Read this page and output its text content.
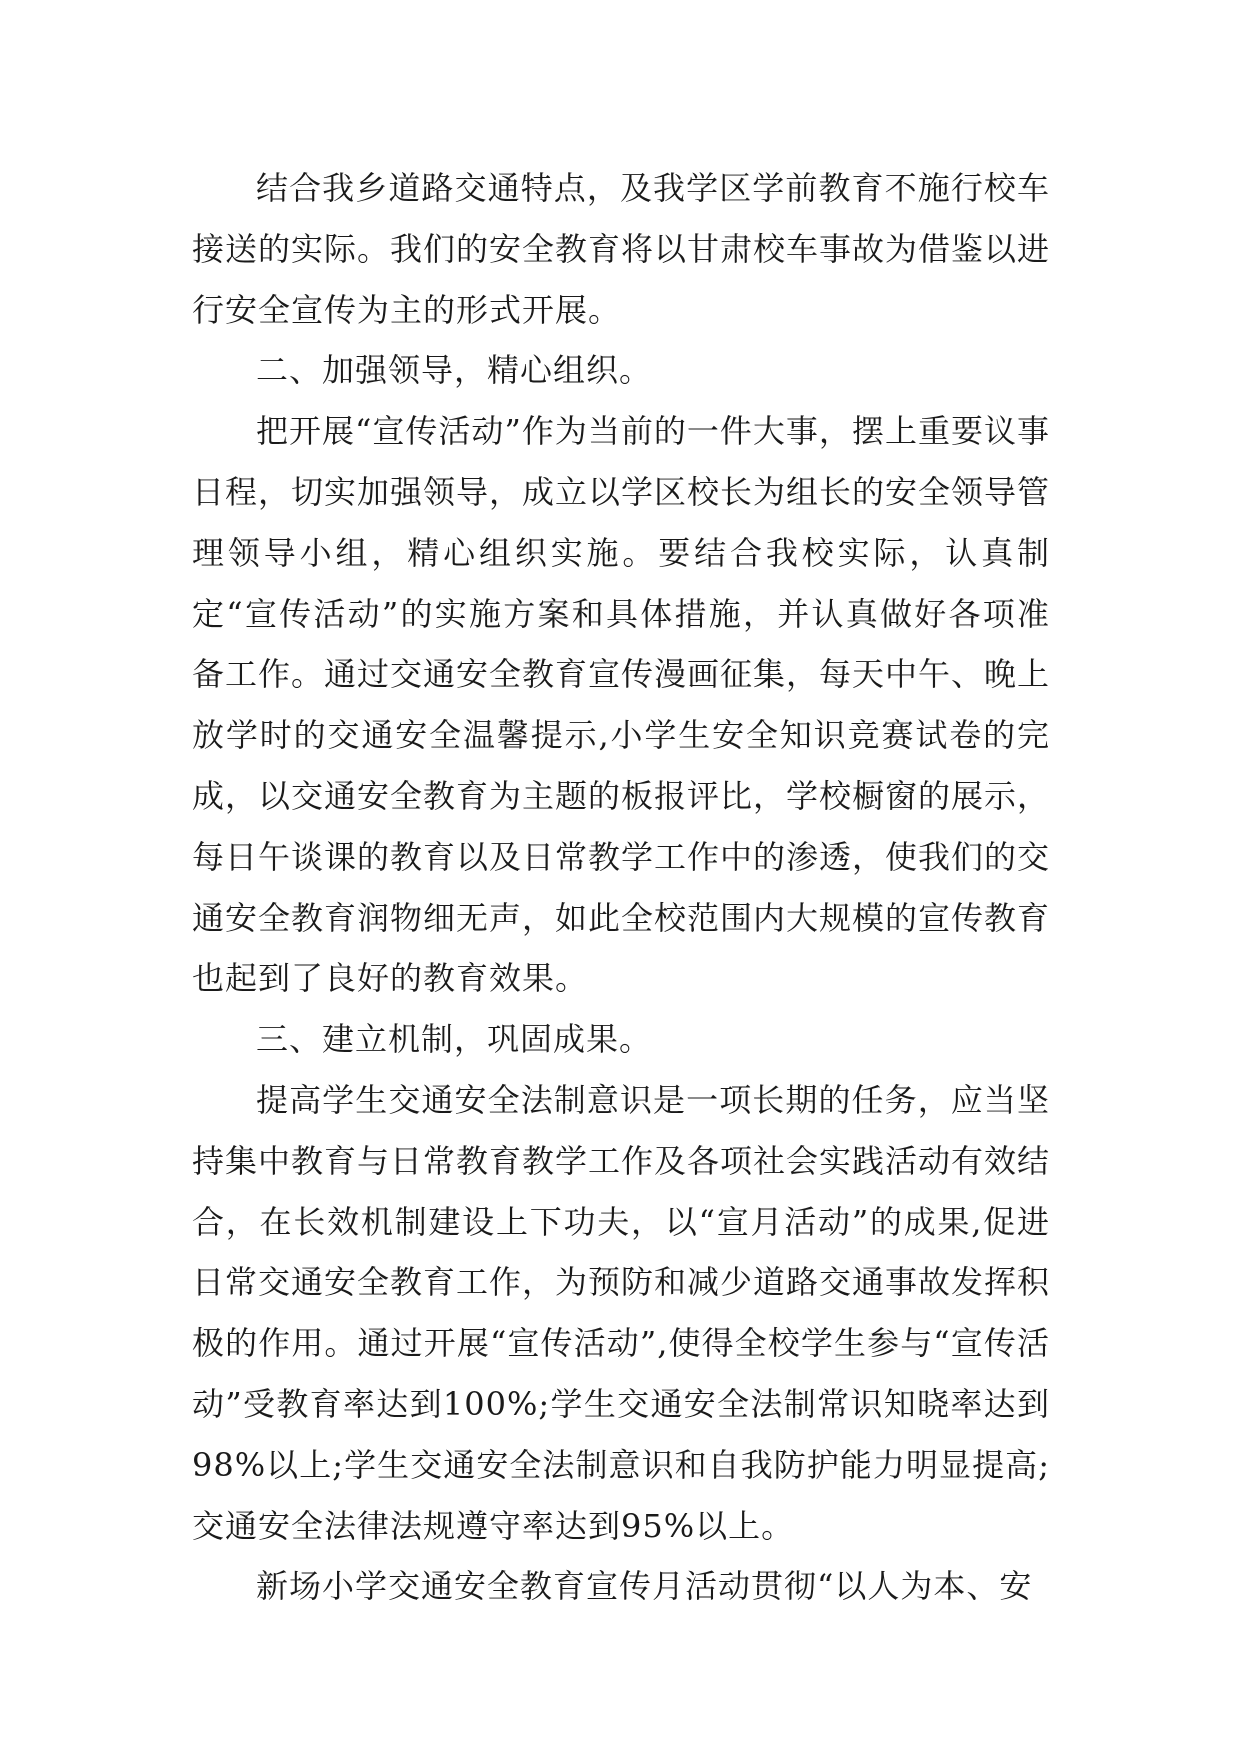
结合我乡道路交通特点，及我学区学前教育不施行校车接送的实际。我们的安全教育将以甘肃校车事故为借鉴以进行安全宣传为主的形式开展。

二、加强领导，精心组织。

把开展“宣传活动”作为当前的一件大事，摆上重要议事日程，切实加强领导，成立以学区校长为组长的安全领导管理领导小组，精心组织实施。要结合我校实际，认真制定“宣传活动”的实施方案和具体措施，并认真做好各项准备工作。通过交通安全教育宣传漫画征集，每天中午、晚上放学时的交通安全温馨提示,小学生安全知识竞赛试卷的完成，以交通安全教育为主题的板报评比，学校橱窗的展示，每日午谈课的教育以及日常教学工作中的渗透，使我们的交通安全教育润物细无声，如此全校范围内大规模的宣传教育也起到了良好的教育效果。

三、建立机制，巩固成果。

提高学生交通安全法制意识是一项长期的任务，应当坚持集中教育与日常教育教学工作及各项社会实践活动有效结合，在长效机制建设上下功夫，以“宣月活动”的成果,促进日常交通安全教育工作，为预防和减少道路交通事故发挥积极的作用。通过开展“宣传活动”,使得全校学生参与“宣传活动”受教育率达到100%;学生交通安全法制常识知晓率达到98%以上;学生交通安全法制意识和自我防护能力明显提高;交通安全法律法规遵守率达到95%以上。

新场小学交通安全教育宣传月活动贯彻“以人为本、安
